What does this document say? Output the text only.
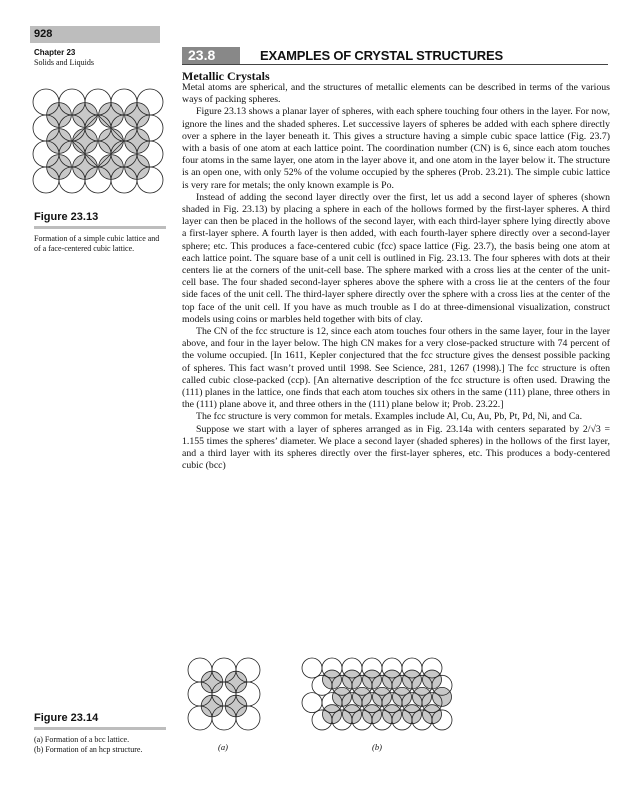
928
Chapter 23
Solids and Liquids	23.8	EXAMPLES OF CRYSTAL STRUCTURES
Metallic Crystals

Metal atoms are spherical, and the structures of metallic elements can be described in terms of the various ways of packing spheres.

Figure 23.13 shows a planar layer of spheres, with each sphere touching four others in the layer. For now, ignore the lines and the shaded spheres. Let successive layers of spheres be added with each sphere directly over a sphere in the layer beneath it. This gives a structure having a simple cubic space lattice (Fig. 23.7) with a basis of one atom at each lattice point. The coordination number (CN) is 6, since each atom touches four atoms in the same layer, one atom in the layer above it, and one atom in the layer below it. The structure is an open one, with only 52% of the volume occupied by the spheres (Prob. 23.21). The simple cubic lattice is very rare for metals; the only known example is Po.

Instead of adding the second layer directly over the first, let us add a second layer of spheres (shown shaded in Fig. 23.13) by placing a sphere in each of the hollows formed by the first-layer spheres. A third layer can then be placed in the hollows of the second layer, with each third-layer sphere lying directly above a first-layer sphere. A fourth layer is then added, with each fourth-layer sphere directly over a second-layer sphere; etc. This produces a face-centered cubic (fcc) space lattice (Fig. 23.7), the basis being one atom at each lattice point. The square base of a unit cell is outlined in Fig. 23.13. The four spheres with dots at their centers lie at the corners of the unit-cell base. The sphere marked with a cross lies at the center of the unit-cell base. The four shaded second-layer spheres above the sphere with a cross lie at the centers of the four side faces of the unit cell. The third-layer sphere directly over the sphere with a cross lies at the center of the top face of the unit cell. If you have as much trouble as I do at three-dimensional visualization, construct models using coins or marbles held together with bits of clay.

The CN of the fcc structure is 12, since each atom touches four others in the same layer, four in the layer above, and four in the layer below. The high CN makes for a very close-packed structure with 74 percent of the volume occupied. [In 1611, Kepler conjectured that the fcc structure gives the densest possible packing of spheres. This fact wasn’t proved until 1998. See Science, 281, 1267 (1998).] The fcc structure is often called cubic close-packed (ccp). [An alternative description of the fcc structure is often used. Drawing the (111) planes in the lattice, one finds that each atom touches six others in the same (111) plane, three others in the (111) plane above it, and three others in the (111) plane below it; Prob. 23.22.]

The fcc structure is very common for metals. Examples include Al, Cu, Au, Pb, Pt, Pd, Ni, and Ca.

Suppose we start with a layer of spheres arranged as in Fig. 23.14a with centers separated by 2/√3 = 1.155 times the spheres’ diameter. We place a second layer (shaded spheres) in the hollows of the first layer, and a third layer with its spheres directly over the first-layer spheres, etc. This produces a body-centered cubic (bcc)

Figure 23.13
Formation of a simple cubic lattice and of a face-centered cubic lattice.
(a)	(b)
Figure 23.14
(a) Formation of a bcc lattice.
(b) Formation of an hcp structure.
